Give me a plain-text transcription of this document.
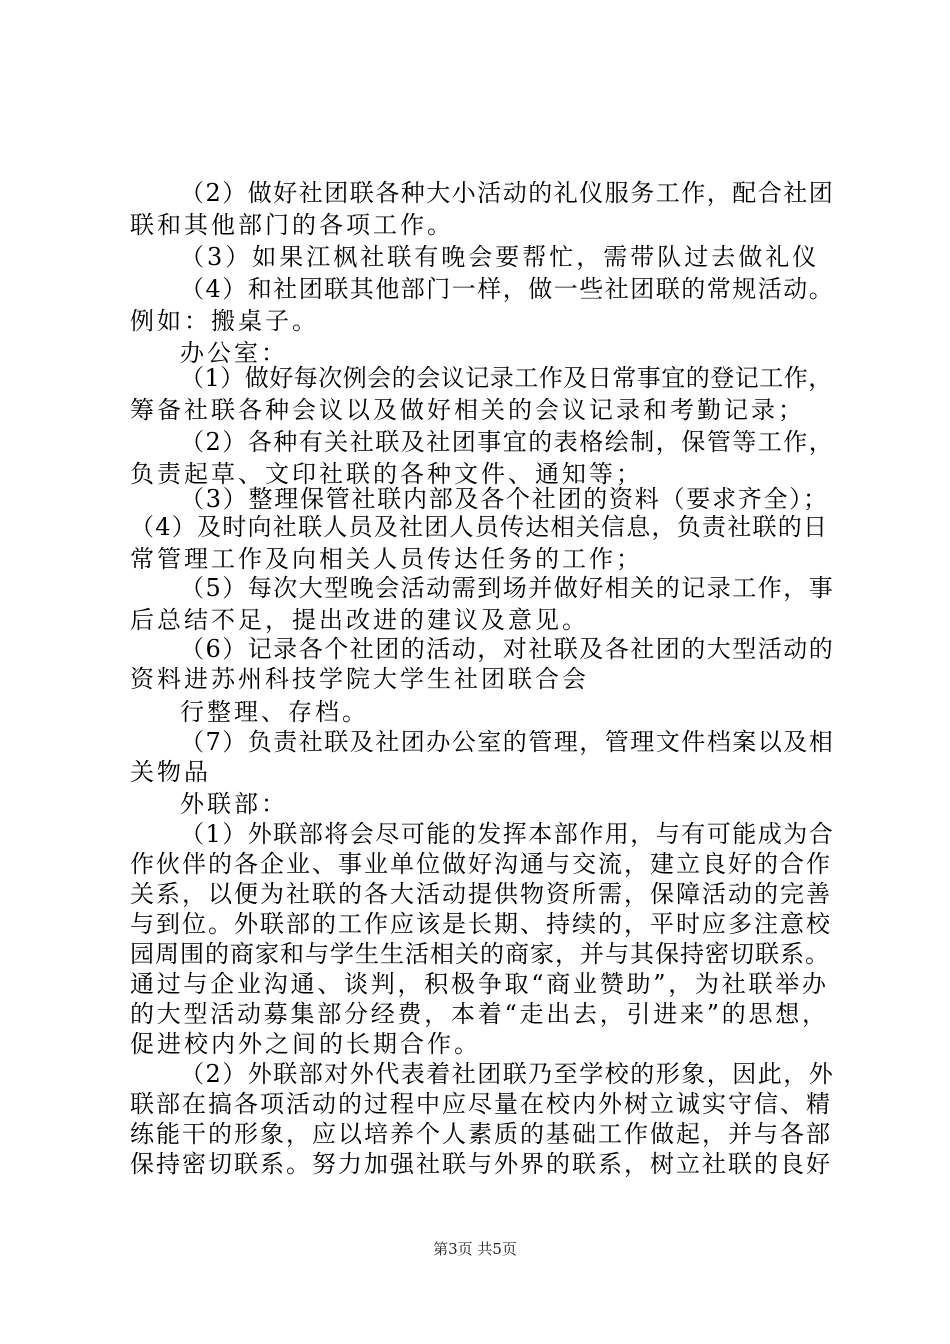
（2）做好社团联各种大小活动的礼仪服务工作，配合社团
联和其他部门的各项工作。
（3）如果江枫社联有晚会要帮忙，需带队过去做礼仪
（4）和社团联其他部门一样，做一些社团联的常规活动。
例如：搬桌子。
办公室：
（1）做好每次例会的会议记录工作及日常事宜的登记工作，
筹备社联各种会议以及做好相关的会议记录和考勤记录；
（2）各种有关社联及社团事宜的表格绘制，保管等工作，
负责起草、文印社联的各种文件、通知等；
（3）整理保管社联内部及各个社团的资料（要求齐全）；
（4）及时向社联人员及社团人员传达相关信息，负责社联的日
常管理工作及向相关人员传达任务的工作；
（5）每次大型晚会活动需到场并做好相关的记录工作，事
后总结不足，提出改进的建议及意见。
（6）记录各个社团的活动，对社联及各社团的大型活动的
资料进苏州科技学院大学生社团联合会
行整理、存档。
（7）负责社联及社团办公室的管理，管理文件档案以及相
关物品
外联部：
（1）外联部将会尽可能的发挥本部作用，与有可能成为合
作伙伴的各企业、事业单位做好沟通与交流，建立良好的合作
关系，以便为社联的各大活动提供物资所需，保障活动的完善
与到位。外联部的工作应该是长期、持续的，平时应多注意校
园周围的商家和与学生生活相关的商家，并与其保持密切联系。
通过与企业沟通、谈判，积极争取“商业赞助”，为社联举办
的大型活动募集部分经费，本着“走出去，引进来”的思想，
促进校内外之间的长期合作。
（2）外联部对外代表着社团联乃至学校的形象，因此，外
联部在搞各项活动的过程中应尽量在校内外树立诚实守信、精
练能干的形象，应以培养个人素质的基础工作做起，并与各部
保持密切联系。努力加强社联与外界的联系，树立社联的良好
第3页 共5页
